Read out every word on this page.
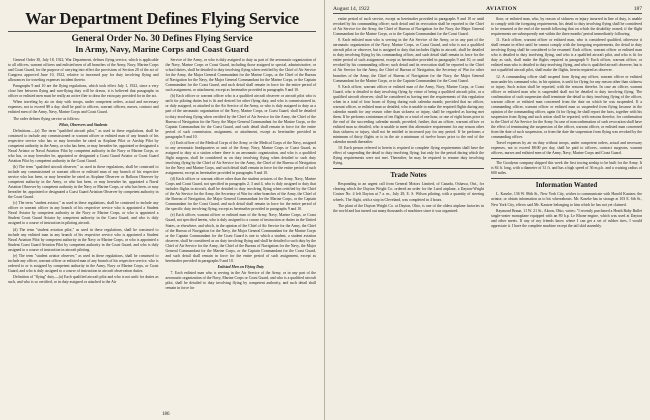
War Department Defines Flying Service
General Order No. 30 Defines Flying Service
In Army, Navy, Marine Corps and Coast Guard

General Order 30, July 18, 1922, War Department, defines flying service, which is applicable to all officers, warrant officers and enlisted men of all branches of the Army, Navy, Marine Corps and Coast Guard, for the purpose of carrying into effect the provisions of Section 20 of the act of Congress approved June 10, 1922, relative to increased pay for duty involving flying and allowances for traveling expenses incident thereto.

Paragraphs 9 and 10 are the flying regulations, which took effect July 1, 1922, since a very close line between flying and non-flying duty will be drawn, it is believed that paragraphs in officer or enlisted men must be really an active flier to draw the extra pay provided for in the act.

When traveling by air on duty with troops, under competent orders, actual and necessary expenses, not to exceed $8 a day, shall be paid to officers, warrant officers, nurses, contract and enlisted men of the Army, Navy, Marine Corps and Coast Guard.

The order defines flying service as follows:

Pilots, Observers and Students

Definitions.—(a) The term "qualified aircraft pilot," as used in these regulations, shall be construed to include any commissioned or warrant officer or enlisted man of any branch of his respective service who has or may hereafter be rated as Airplane Pilot or Airship Pilot by competent authority in the Army, or who has been, or may hereafter be, appointed or designated a Naval Aviator or Naval Aviation Pilot by competent authority in the Navy or Marine Corps, or who has, or may hereafter be, appointed or designated a Coast Guard Aviator or Coast Guard Aviation Pilot by competent authority in the Coast Guard.

(b) The term "qualified aircraft observer," as used in these regulations, shall be construed to include any commissioned or warrant officer or enlisted man of any branch of his respective service who has been, or may hereafter be rated as Airplane Observer or Balloon Observer by competent authority in the Army, or who has been, or may hereafter be, appointed a Naval Aviation Observer by competent authority in the Navy or Marine Corps, or who has been, or may hereafter be, appointed or designated a Coast Guard Aviation Observer by competent authority in the Coast Guard.

(c) The term "student aviator," as used in these regulations, shall be construed to include any officer or warrant officer in any branch of his respective service who is appointed a Student Naval Aviator by competent authority in the Navy or Marine Corps, or who is appointed a Student Coast Guard Aviator by competent authority in the Coast Guard, and who is duly assigned to a course of instruction in piloting aircraft.

(d) The term "student aviation pilot," as used in these regulations, shall be construed to include any enlisted man in any branch of his respective service who is appointed a Student Naval Aviation Pilot by competent authority in the Navy or Marine Corps, or who is appointed a Student Coast Guard Aviation Pilot by competent authority in the Coast Guard, and who is duly assigned to a course of instruction in aircraft piloting.

(e) The term "student aviator observer," as used in these regulations, shall be construed to include any officer, warrant officer or enlisted man of any branch of his respective service, who is ordered to or is assigned by competent authority in the Army, Navy or Marine Corps, or Coast Guard, and who is duly assigned to a course of instruction in aircraft observation duties.

Definition of "flying" duty.—(a) Each qualified aircraft pilot and who is not unfit for duties as such, and who is so certified, or in duty assigned or attached to the Air

Service of the Army, or who is duly assigned to duty as part of the aeronautic organization of the Navy, Marine Corps or Coast Guard, including those assigned to special, administrative, or school duties, shall be detailed to duty involving flying when certified by the Chief of Air Service for the Army, the Major General Commandant for the Marine Corps, or the Chief of the Bureau of Navigation for the Navy, the Major General Commandant for the Marine Corps, or the Captain Commandant for the Coast Guard, and such detail shall remain in force for the entire period of such assignment, or attachment, except as hereinafter provided in paragraphs 9 and 10.

(b) Each officer or warrant officer who is a qualified aircraft observer or aircraft pilot who is unfit for piloting duties but is fit and desired for other flying duty, and who is commissioned in, or duly assigned, or attached to the Air Service of the Army, or who is duly assigned to duty as a part of the aeronautic organization of the Navy, Marine Corps, or Coast Guard, shall be detailed to duty involving flying when certified by the Chief of Air Service for the Army, the Chief of the Bureau of Navigation for the Navy, the Major General Commandant for the Marine Corps, or the Captain Commandant for the Coast Guard, and such detail shall remain in force for the entire period of such commission, assignment, or attachment, except as hereinafter provided in paragraphs 9 and 10.

(c) Each officer of the Medical Corps of the Army, or the Medical Corps of the Navy, assigned to any aeronautic headquarters or unit of the Army, Navy, Marine Corps or Coast Guard, as assigned to duty at a station where there is an aeronautic organization, and who is a qualified flight surgeon, shall be considered as on duty involving flying when detailed to such duty involving flying by the Chief of Air Service for the Army, the Chief of the Bureau of Navigation for the Navy and Marine Corps, and such detail shall remain in force for the entire period of such assignment, except as hereinafter provided in paragraphs 9 and 10.

(d) Each officer or warrant officer other than the student aviators of the Army, Navy, Marine Corps and Coast Guard, not specified in paragraphs 2, 3 and 4, who is duly assigned to duty that includes flights in aircraft, shall be detailed to duty involving flying when certified by the Chief of the Air Service for the Army, the Secretary of War for other branches of the Army, the Chief of the Bureau of Navigation, the Major General Commandant for the Marine Corps, or the Captain Commandant for the Coast Guard, and such detail shall remain in force for the entire period of the specific duty involving flying, except as hereinafter provided in paragraphs 9 and 10.

(e) Each officer, warrant officer or enlisted man of the Army, Navy, Marine Corps, or Coast Guard, not specified herein, who is duly assigned to a course of instruction or duties in the United States, or elsewhere, and which, in the opinion of the Chief of Air Service for the Army, the Chief of the Bureau of Navigation for the Navy, the Major General Commandant for the Marine Corps or the Captain Commandant for the Coast Guard is one to which a student, a student aviation observer, shall be considered as on duty involving flying and shall be detailed to such duty by the Chief of Air Service for the Army, the Chief of the Bureau of Navigation for the Navy, the Major General Commandant for the Marine Corps, or the Captain Commandant for the Coast Guard, and such detail shall remain in force for the entire period of such assignment, except as hereinafter provided in paragraphs 9 and 10.

Enlisted Men on Flying Duty

7. Each enlisted man who is serving in the Air Service of the Army, or in any part of the aeronautic organization of the Navy, Marine Corps or Coast Guard, and who is a qualified aircraft pilot, shall be detailed to duty involving flying by competent authority, and such detail shall remain in force for

186
August 14, 1922	AVIATION	187

entire period of such service, except as hereinafter provided in paragraphs 9 and 10 or until revoked by his commanding officer; such detail and its revocation shall be reported to the Chief of Air Service for the Army, the Chief of Bureau of Navigation for the Navy, the Major General Commandant for the Marine Corps, or to the Captain Commandant for the Coast Guard.

8. Each enlisted man who is serving in the Air Service of the Army, or in any part of the aeronautic organization of the Navy, Marine Corps, or Coast Guard, and who is not a qualified aircraft pilot or observer, but is assigned to duty that includes flights in aircraft, shall be detailed to duty involving flying by his commanding officer, and such detail shall remain in force for the entire period of such assignment, except as hereinafter provided in paragraphs 9 and 10, or until revoked by his commanding officer; such detail and its revocation shall be reported to the Chief of Air Service for the Army, the Chief of Bureau of Navigation, the Secretary of War for other branches of the Army, the Chief of Bureau of Navigation for the Navy, the Major General Commandant for the Marine Corps, or to the Captain Commandant for the Coast Guard.

9. Each officer, warrant officer or enlisted man of the Army, Navy, Marine Corps, or Coast Guard, who is detailed to duty involving flying by virtue of being a qualified aircraft pilot, or a qualified aircraft observer, shall be considered as having met the requirements of this regulation when in a total of four hours of flying during each calendar month; provided that no officer, warrant officer, or enlisted man so detailed, who is unable to make the required flights during any calendar month for any reason other than sickness or injury, shall be regarded as having met them. If he performs a minimum of ten flights or a total of one hour, or one of eight hours prior to the end of the succeeding calendar month, provided, further, that an officer, warrant officer or enlisted man so detailed, who is unable to meet this alternative requirement for any reason other than sickness or injury, shall not be entitled to increased pay for any period. If he performs a minimum of thirty flights or is in the air a minimum of twelve hours prior to the end of the calendar month thereafter.

10. Each person referred to herein is required to complete flying requirements shall have the effect of suspending the detail to duty involving flying, but only for the period during which the flying requirements were not met. Thereafter, he may be required to resume duty involving flying.

Trade Notes

Responding to an urgent call from General Motors Limited, of Canada, Oshawa, Ont., for clearing which the Dayton Wright Co. ordered an order for the Laird airplane, a Dayton-Wright Cruiser No. 4 left Dayton at 7 a. m., July 28, E. S. Wilson piloting, with a quantity of steering wheels. The flight, with a stop in Cleveland, was completed in 4 hours.

The plant of the Dayton Wright Co. at Dayton, Ohio, is one of the oldest airplane factories in the world and has turned out many thousands of machines since it was organized.

floor, or enlisted man, who, by reason of sickness or injury incurred in line of duty, is unable to comply with the foregoing requirements, his detail to duty involving flying shall be considered to be resumed at the end of the month following that on which the disability ceased; if the flight requirements are subsequently met within the three months' period immediately following.

11. Each officer, warrant officer or enlisted man, who is considered qualified, otherwise it shall remain in effect until he cannot comply with the foregoing requirements, the detail to duty involving flying shall be considered to be resumed. Each officer, warrant officer or enlisted man who is detailed to duty involving flying, and who is a qualified aircraft pilot, and who is fit for duty as such, shall make the flights required in paragraph 9. Each officer, warrant officer, or enlisted man who is detailed to duty involving flying, and who is qualified aircraft observer, but is not a qualified aircraft pilot, shall make the flights, herein required as observer.

12. A commanding officer shall suspend from flying any officer, warrant officer or enlisted man under his command who, in his opinion, is unfit for flying for any reason other than sickness or injury. Such action shall be reported, with the reasons therefor. In case an officer, warrant officer or enlisted man who is suspended shall not be detailed to duty involving flying. The confirmation of such suspension shall terminate the detail to duty involving flying of the officer, warrant officer or enlisted man concerned from the date on which he was suspended. If a commanding officer, warrant officer or enlisted man so suspended from flying because in the opinion of the commanding officer, again fit for flying, he shall report the facts, together with his suspension from flying and such action shall be reported, with reasons therefor, for confirmation to the Chief of Air Service for the Army. In case of nonconfirmation of such revocation shall have the effect of terminating the suspension of the officer, warrant officer, or enlisted man concerned from the date of such suspension, or from the date the suspension from flying was revoked by the commanding officer.

Travel expenses by air on duty without troops, under competent orders, actual and necessary expenses, not to exceed $8.00 per day, shall be paid to officers, contract surgeons, warrant officers, nurses and enlisted men of the Army, Navy, Marine Corps and Coast Guard.

The Goodyear company shipped this week the first towing airship to be built for the Army. It is 84 ft. long, with a diameter of 31 ft. and has a high speed of 36 m.p.h. and a cruising radius of 600 miles.

Information Wanted

L. Kaseke, 136 W. 86th St., New York City, wishes to communicate with Harold Kautzer, the aviator, or obtain information as to his whereabouts. Mr. Kaseke has in storage at 103 E. 6th St., New York City, effects said Mr. Kautzer belonging to him which he has not yet claimed.

Raymond Braun, 11 W. 21 St., Akron, Ohio, writes: "I recently purchased a Heath Baby Bullet single-seater monoplane equipped with an 80 h.p. Le Rhone engine, which was used at Dayton and other meets. If any of my friends know where I can get a set of rubber tires, I would appreciate it. I have the complete machine except the tail skid assembly.
